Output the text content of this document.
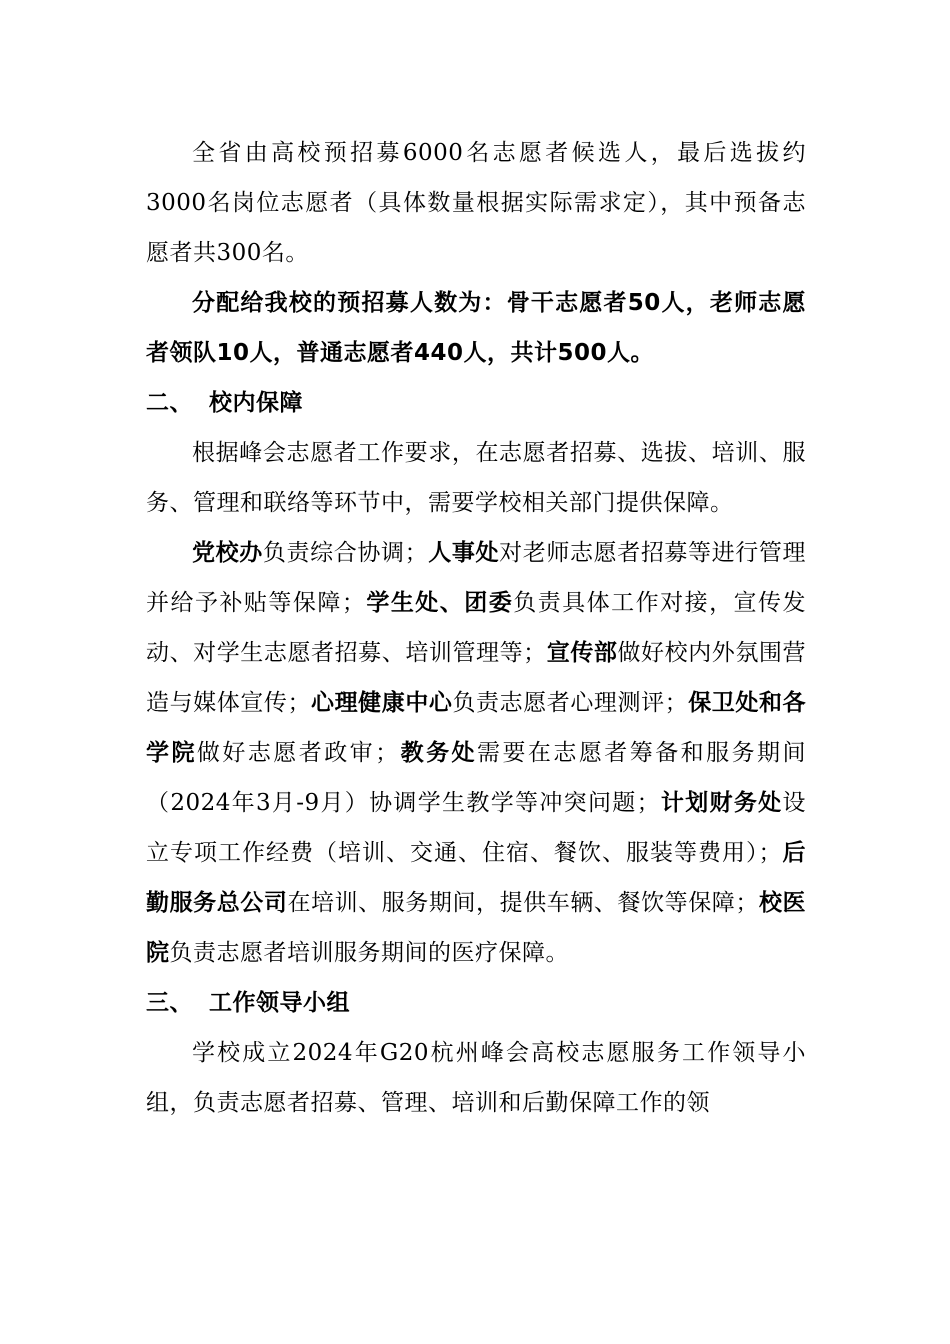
全省由高校预招募6000名志愿者候选人，最后选拔约3000名岗位志愿者（具体数量根据实际需求定），其中预备志愿者共300名。

分配给我校的预招募人数为：骨干志愿者50人，老师志愿者领队10人，普通志愿者440人，共计500人。

二、 校内保障

根据峰会志愿者工作要求，在志愿者招募、选拔、培训、服务、管理和联络等环节中，需要学校相关部门提供保障。

党校办负责综合协调；人事处对老师志愿者招募等进行管理并给予补贴等保障；学生处、团委负责具体工作对接，宣传发动、对学生志愿者招募、培训管理等；宣传部做好校内外氛围营造与媒体宣传；心理健康中心负责志愿者心理测评；保卫处和各学院做好志愿者政审；教务处需要在志愿者筹备和服务期间（2024年3月-9月）协调学生教学等冲突问题；计划财务处设立专项工作经费（培训、交通、住宿、餐饮、服装等费用）；后勤服务总公司在培训、服务期间，提供车辆、餐饮等保障；校医院负责志愿者培训服务期间的医疗保障。

三、 工作领导小组

学校成立2024年G20杭州峰会高校志愿服务工作领导小组，负责志愿者招募、管理、培训和后勤保障工作的领
